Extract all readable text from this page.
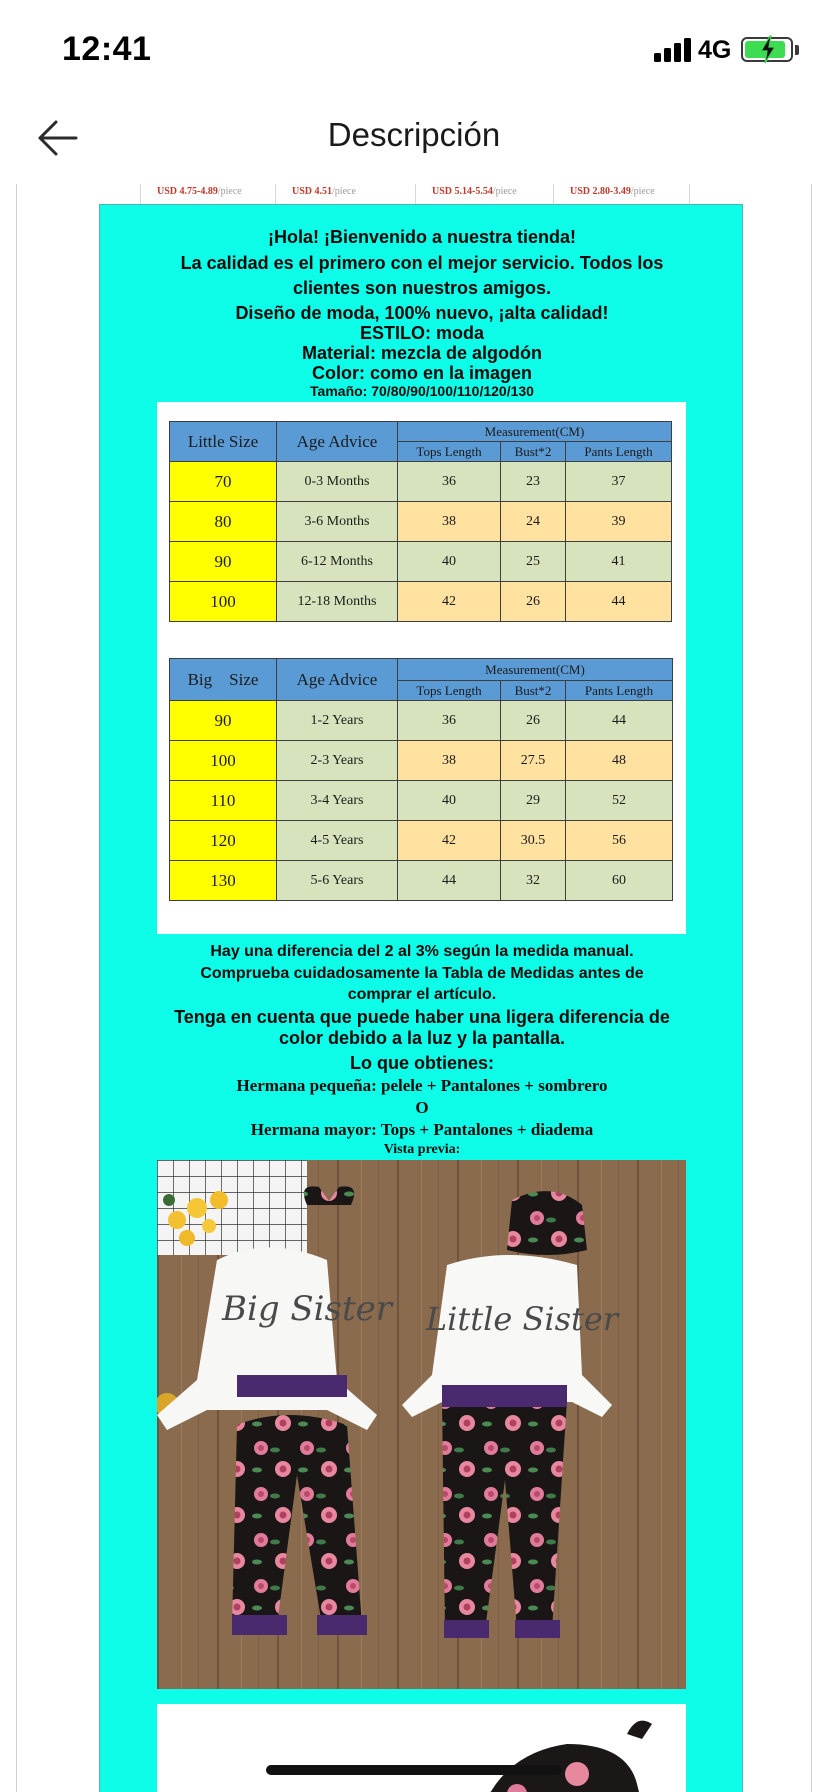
12:41	4G
Descripción
USD 4.75-4.89/piece	USD 4.51/piece	USD 5.14-5.54/piece	USD 2.80-3.49/piece
¡Hola! ¡Bienvenido a nuestra tienda!
La calidad es el primero con el mejor servicio. Todos los clientes son nuestros amigos.
Diseño de moda, 100% nuevo, ¡alta calidad!
ESTILO: moda
Material: mezcla de algodón
Color: como en la imagen
Tamaño: 70/80/90/100/110/120/130
Little Size	Age Advice	Measurement(CM)		
		Tops Length	Bust*2	Pants Length
70	0-3 Months	36	23	37
80	3-6 Months	38	24	39
90	6-12 Months	40	25	41
100	12-18 Months	42	26	44
Big    Size	Age Advice	Measurement(CM)		
		Tops Length	Bust*2	Pants Length
90	1-2 Years	36	26	44
100	2-3 Years	38	27.5	48
110	3-4 Years	40	29	52
120	4-5 Years	42	30.5	56
130	5-6 Years	44	32	60
Hay una diferencia del 2 al 3% según la medida manual.
Comprueba cuidadosamente la Tabla de Medidas antes de comprar el artículo.
Tenga en cuenta que puede haber una ligera diferencia de color debido a la luz y la pantalla.
Lo que obtienes:
Hermana pequeña: pelele + Pantalones + sombrero
O
Hermana mayor: Tops + Pantalones + diadema
Vista previa:
Big Sister Little Sister
